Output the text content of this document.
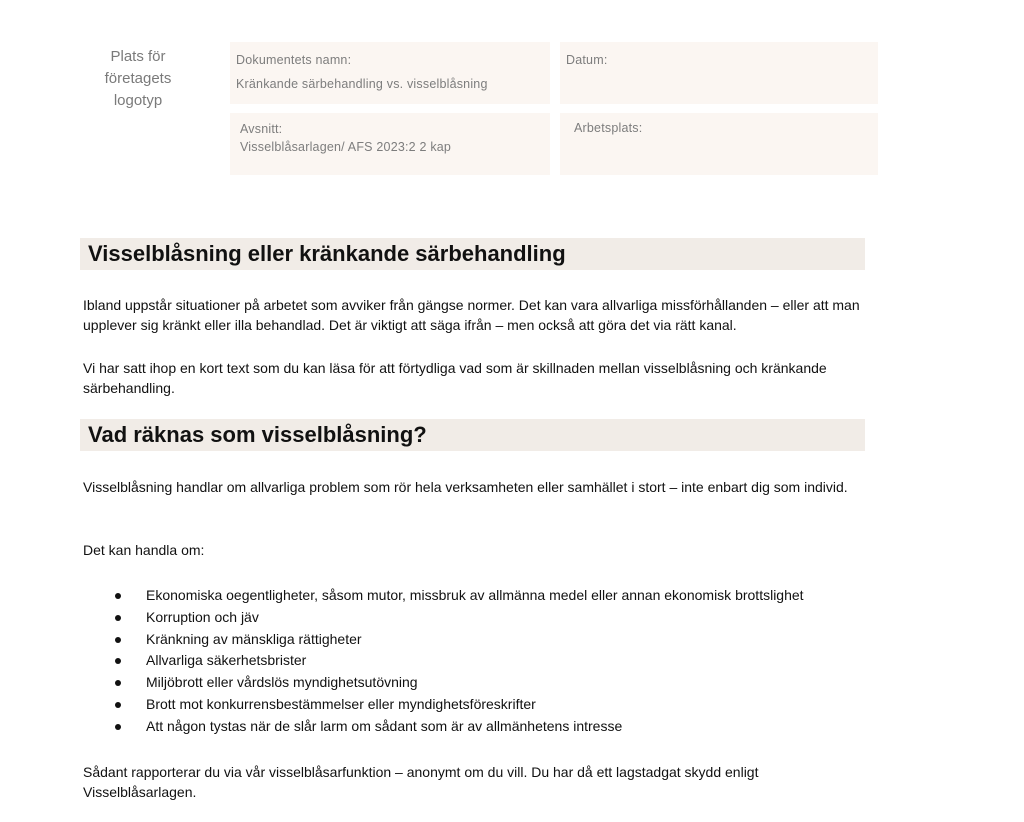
Plats för
företagets
logotyp
Dokumentets namn:
Kränkande särbehandling vs. visselblåsning
Datum:
Avsnitt:
Visselblåsarlagen/ AFS 2023:2 2 kap
Arbetsplats:
Visselblåsning eller kränkande särbehandling

Ibland uppstår situationer på arbetet som avviker från gängse normer. Det kan vara allvarliga missförhållanden – eller att man upplever sig kränkt eller illa behandlad. Det är viktigt att säga ifrån – men också att göra det via rätt kanal.

Vi har satt ihop en kort text som du kan läsa för att förtydliga vad som är skillnaden mellan visselblåsning och kränkande särbehandling.

Vad räknas som visselblåsning?

Visselblåsning handlar om allvarliga problem som rör hela verksamheten eller samhället i stort – inte enbart dig som individ.

Det kan handla om:

Ekonomiska oegentligheter, såsom mutor, missbruk av allmänna medel eller annan ekonomisk brottslighet
Korruption och jäv
Kränkning av mänskliga rättigheter
Allvarliga säkerhetsbrister
Miljöbrott eller vårdslös myndighetsutövning
Brott mot konkurrensbestämmelser eller myndighetsföreskrifter
Att någon tystas när de slår larm om sådant som är av allmänhetens intresse

Sådant rapporterar du via vår visselblåsarfunktion – anonymt om du vill. Du har då ett lagstadgat skydd enligt Visselblåsarlagen.
